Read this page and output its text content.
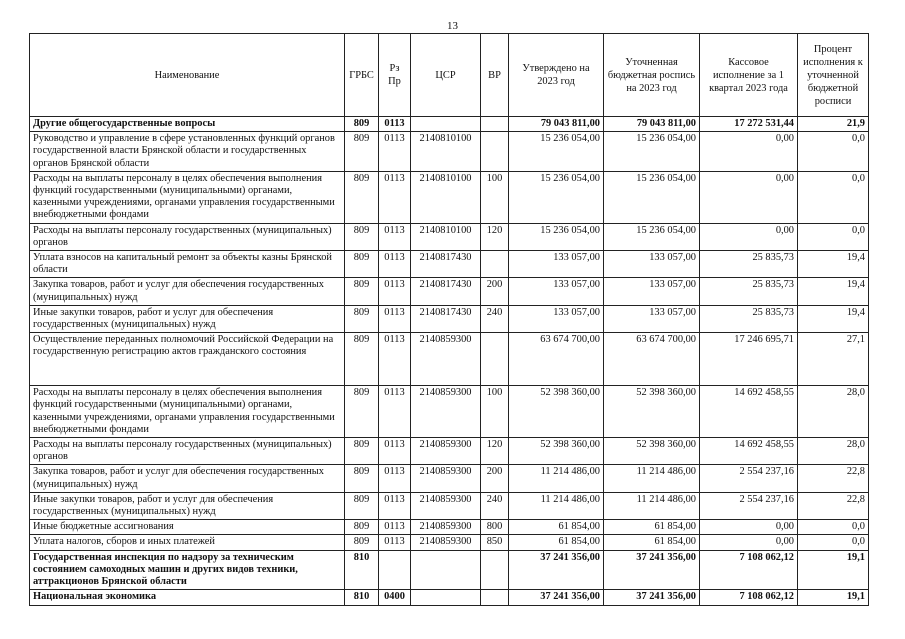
13
Наименование	ГРБС	Рз Пр	ЦСР	ВР	Утверждено на 2023 год	Уточненная бюджетная роспись на 2023 год	Кассовое исполнение за 1 квартал 2023 года	Процент исполнения к уточненной бюджетной росписи
Другие общегосударственные вопросы	809	0113			79 043 811,00	79 043 811,00	17 272 531,44	21,9
Руководство и управление в сфере установленных функций органов государственной власти Брянской области и государственных органов Брянской области	809	0113	2140810100		15 236 054,00	15 236 054,00	0,00	0,0
Расходы на выплаты персоналу в целях обеспечения выполнения функций государственными (муниципальными) органами, казенными учреждениями, органами управления государственными внебюджетными фондами	809	0113	2140810100	100	15 236 054,00	15 236 054,00	0,00	0,0
Расходы на выплаты персоналу государственных (муниципальных) органов	809	0113	2140810100	120	15 236 054,00	15 236 054,00	0,00	0,0
Уплата взносов на капитальный ремонт за объекты казны Брянской области	809	0113	2140817430		133 057,00	133 057,00	25 835,73	19,4
Закупка товаров, работ и услуг для обеспечения государственных (муниципальных) нужд	809	0113	2140817430	200	133 057,00	133 057,00	25 835,73	19,4
Иные закупки товаров, работ и услуг для обеспечения государственных (муниципальных) нужд	809	0113	2140817430	240	133 057,00	133 057,00	25 835,73	19,4
Осуществление переданных полномочий Российской Федерации на государственную регистрацию актов гражданского состояния	809	0113	2140859300		63 674 700,00	63 674 700,00	17 246 695,71	27,1
Расходы на выплаты персоналу в целях обеспечения выполнения функций государственными (муниципальными) органами, казенными учреждениями, органами управления государственными внебюджетными фондами	809	0113	2140859300	100	52 398 360,00	52 398 360,00	14 692 458,55	28,0
Расходы на выплаты персоналу государственных (муниципальных) органов	809	0113	2140859300	120	52 398 360,00	52 398 360,00	14 692 458,55	28,0
Закупка товаров, работ и услуг для обеспечения государственных (муниципальных) нужд	809	0113	2140859300	200	11 214 486,00	11 214 486,00	2 554 237,16	22,8
Иные закупки товаров, работ и услуг для обеспечения государственных (муниципальных) нужд	809	0113	2140859300	240	11 214 486,00	11 214 486,00	2 554 237,16	22,8
Иные бюджетные ассигнования	809	0113	2140859300	800	61 854,00	61 854,00	0,00	0,0
Уплата налогов, сборов и иных платежей	809	0113	2140859300	850	61 854,00	61 854,00	0,00	0,0
Государственная инспекция по надзору за техническим состоянием самоходных машин и других видов техники, аттракционов Брянской области	810				37 241 356,00	37 241 356,00	7 108 062,12	19,1
Национальная экономика	810	0400			37 241 356,00	37 241 356,00	7 108 062,12	19,1
